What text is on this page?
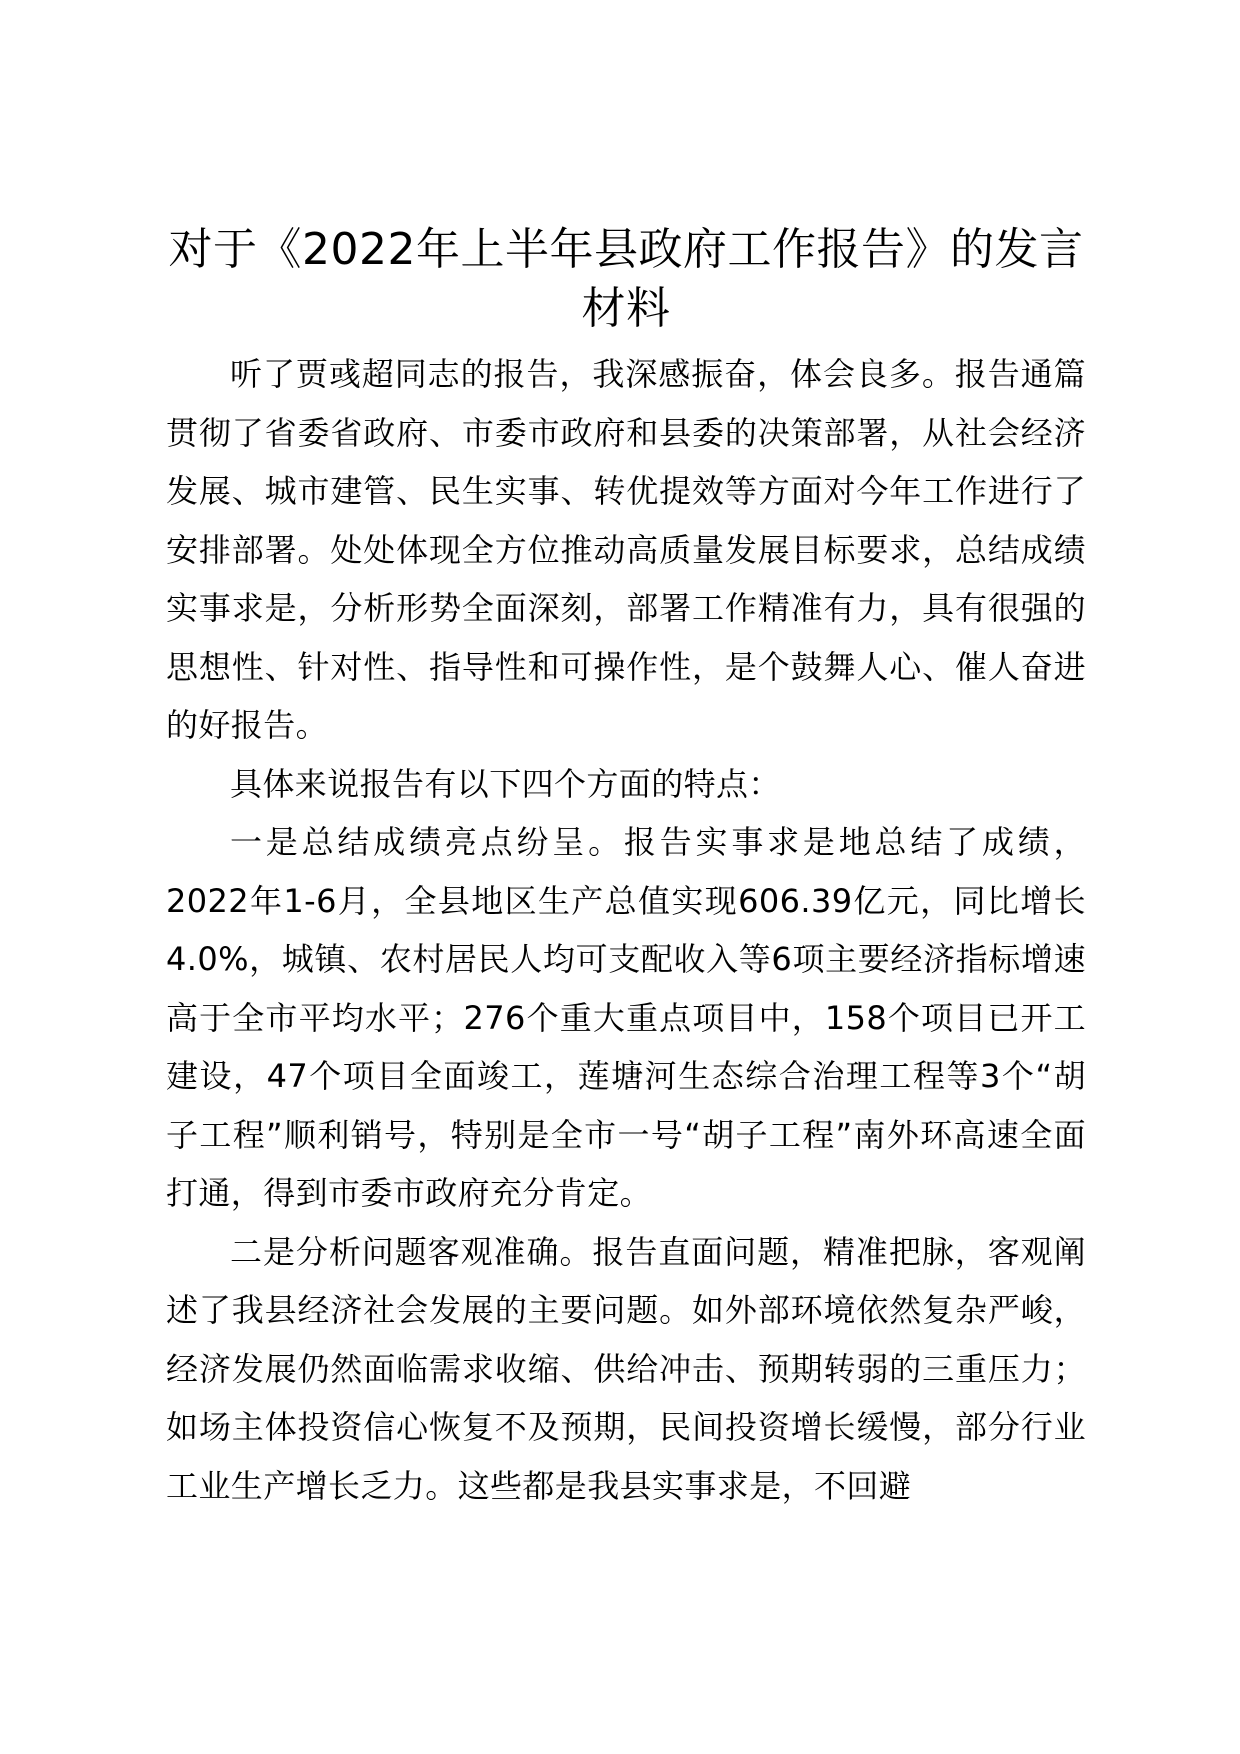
对于《2022年上半年县政府工作报告》的发言材料

听了贾彧超同志的报告，我深感振奋，体会良多。报告通篇贯彻了省委省政府、市委市政府和县委的决策部署，从社会经济发展、城市建管、民生实事、转优提效等方面对今年工作进行了安排部署。处处体现全方位推动高质量发展目标要求，总结成绩实事求是，分析形势全面深刻，部署工作精准有力，具有很强的思想性、针对性、指导性和可操作性，是个鼓舞人心、催人奋进的好报告。

具体来说报告有以下四个方面的特点：

一是总结成绩亮点纷呈。报告实事求是地总结了成绩，2022年1-6月，全县地区生产总值实现606.39亿元，同比增长4.0%，城镇、农村居民人均可支配收入等6项主要经济指标增速高于全市平均水平；276个重大重点项目中，158个项目已开工建设，47个项目全面竣工，莲塘河生态综合治理工程等3个“胡子工程”顺利销号，特别是全市一号“胡子工程”南外环高速全面打通，得到市委市政府充分肯定。

二是分析问题客观准确。报告直面问题，精准把脉，客观阐述了我县经济社会发展的主要问题。如外部环境依然复杂严峻，经济发展仍然面临需求收缩、供给冲击、预期转弱的三重压力；如场主体投资信心恢复不及预期，民间投资增长缓慢，部分行业工业生产增长乏力。这些都是我县实事求是，不回避
